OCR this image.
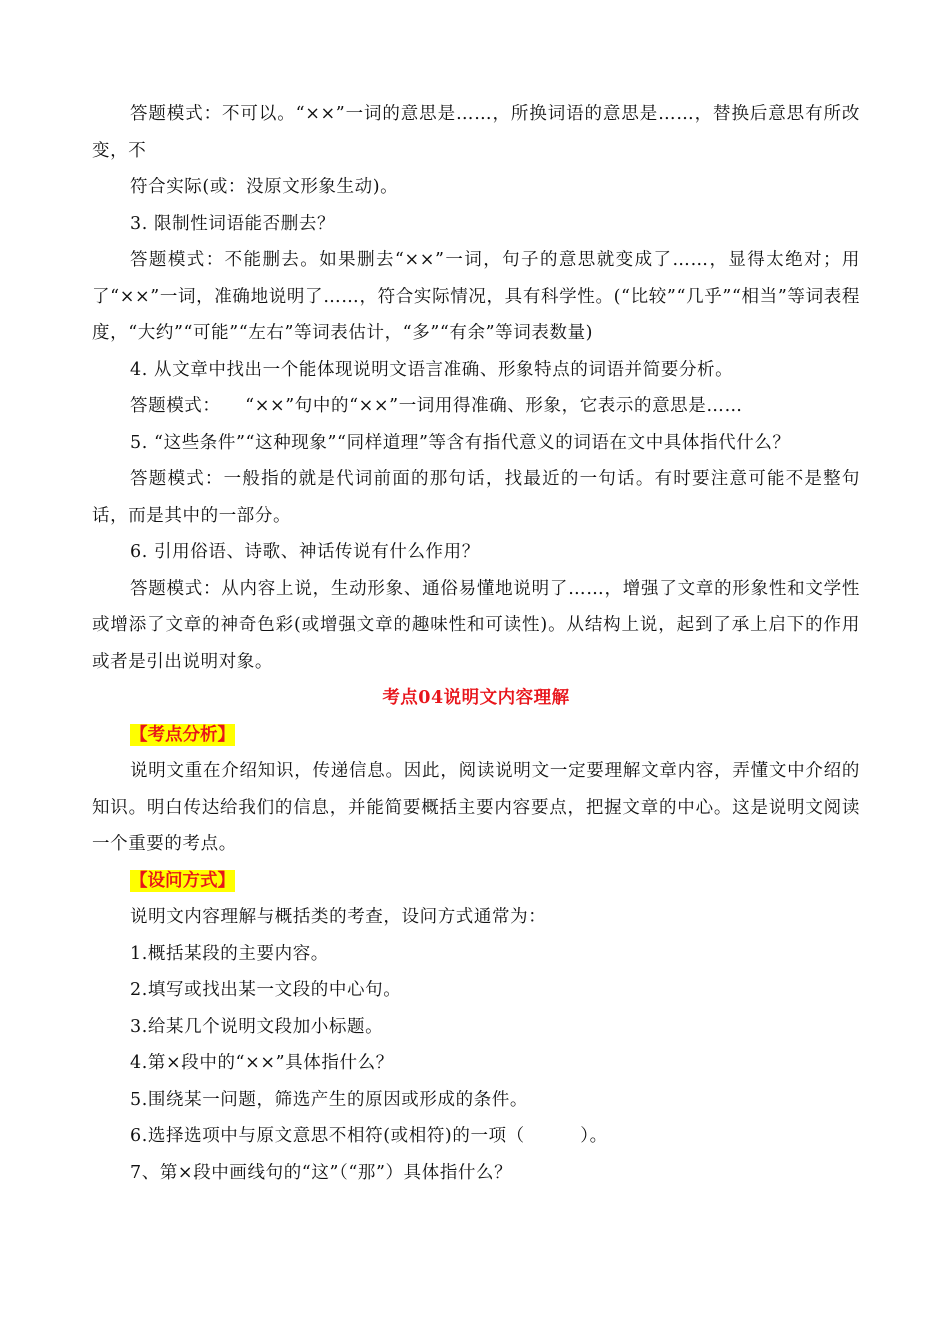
答题模式：不可以。“××”一词的意思是……，所换词语的意思是……，替换后意思有所改变，不

符合实际(或：没原文形象生动)。

3. 限制性词语能否删去？

答题模式：不能删去。如果删去“××”一词，句子的意思就变成了……，显得太绝对；用了“××”一词，准确地说明了……，符合实际情况，具有科学性。(“比较”“几乎”“相当”等词表程度，“大约”“可能”“左右”等词表估计，“多”“有余”等词表数量)

4. 从文章中找出一个能体现说明文语言准确、形象特点的词语并简要分析。

答题模式：    “××”句中的“××”一词用得准确、形象，它表示的意思是……

5. “这些条件”“这种现象”“同样道理”等含有指代意义的词语在文中具体指代什么？

答题模式：一般指的就是代词前面的那句话，找最近的一句话。有时要注意可能不是整句话，而是其中的一部分。

6. 引用俗语、诗歌、神话传说有什么作用？

答题模式：从内容上说，生动形象、通俗易懂地说明了……，增强了文章的形象性和文学性或增添了文章的神奇色彩(或增强文章的趣味性和可读性)。从结构上说，起到了承上启下的作用或者是引出说明对象。

考点04说明文内容理解

【考点分析】

说明文重在介绍知识，传递信息。因此，阅读说明文一定要理解文章内容，弄懂文中介绍的知识。明白传达给我们的信息，并能简要概括主要内容要点，把握文章的中心。这是说明文阅读一个重要的考点。

【设问方式】

说明文内容理解与概括类的考查，设问方式通常为：

1.概括某段的主要内容。

2.填写或找出某一文段的中心句。

3.给某几个说明文段加小标题。

4.第×段中的“××”具体指什么？

5.围绕某一问题，筛选产生的原因或形成的条件。

6.选择选项中与原文意思不相符(或相符)的一项（         ）。

7、第×段中画线句的“这”（“那”）具体指什么？
